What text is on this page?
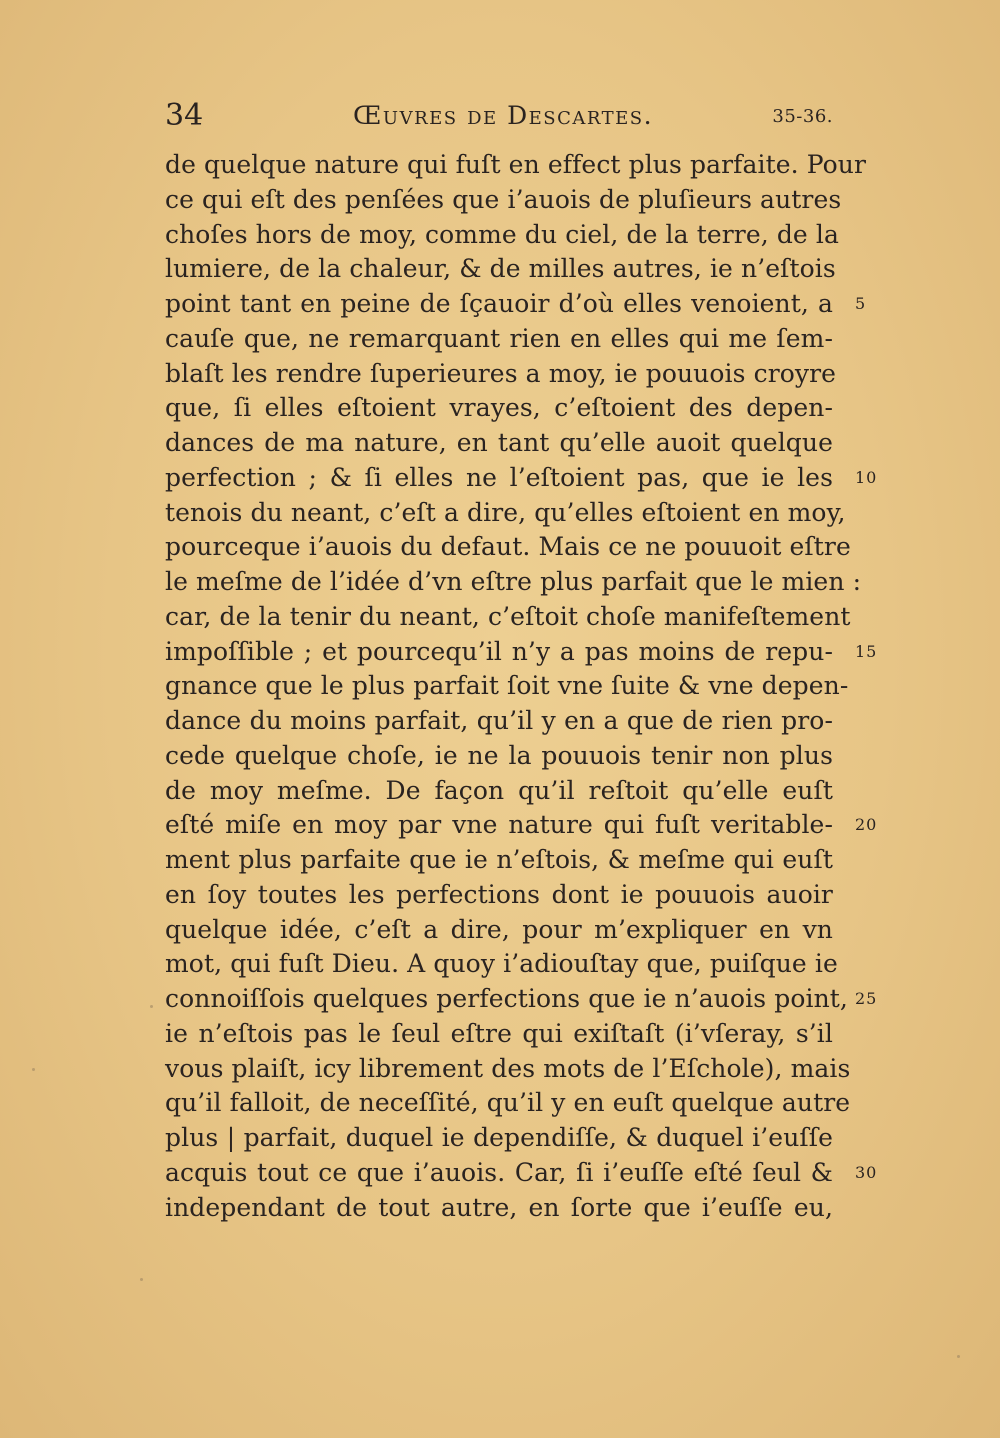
34	Œuvres de Descartes.	35-36.
de quelque nature qui fuſt en effect plus parfaite. Pour
ce qui eſt des penſées que i’auois de pluſieurs autres
choſes hors de moy, comme du ciel, de la terre, de la
lumiere, de la chaleur, & de milles autres, ie n’eſtois
point tant en peine de ſçauoir d’où elles venoient, a
cauſe que, ne remarquant rien en elles qui me ſem-
blaſt les rendre ſuperieures a moy, ie pouuois croyre
que, ſi elles eſtoient vrayes, c’eſtoient des depen-
dances de ma nature, en tant qu’elle auoit quelque
perfection ; & ſi elles ne l’eſtoient pas, que ie les
tenois du neant, c’eſt a dire, qu’elles eſtoient en moy,
pourceque i’auois du defaut. Mais ce ne pouuoit eſtre
le meſme de l’idée d’vn eſtre plus parfait que le mien :
car, de la tenir du neant, c’eſtoit choſe manifeſtement
impoſſible ; et pourcequ’il n’y a pas moins de repu-
gnance que le plus parfait ſoit vne ſuite & vne depen-
dance du moins parfait, qu’il y en a que de rien pro-
cede quelque choſe, ie ne la pouuois tenir non plus
de moy meſme. De façon qu’il reſtoit qu’elle euſt
eſté miſe en moy par vne nature qui fuſt veritable-
ment plus parfaite que ie n’eſtois, & meſme qui euſt
en ſoy toutes les perfections dont ie pouuois auoir
quelque idée, c’eſt a dire, pour m’expliquer en vn
mot, qui fuſt Dieu. A quoy i’adiouſtay que, puiſque ie
connoiſſois quelques perfections que ie n’auois point,
ie n’eſtois pas le ſeul eſtre qui exiſtaſt (i’vſeray, s’il
vous plaiſt, icy librement des mots de l’Eſchole), mais
qu’il falloit, de neceſſité, qu’il y en euſt quelque autre
plus | parfait, duquel ie dependiſſe, & duquel i’euſſe
acquis tout ce que i’auois. Car, ſi i’euſſe eſté ſeul &
independant de tout autre, en ſorte que i’euſſe eu,
5
10
15
20
25
30
